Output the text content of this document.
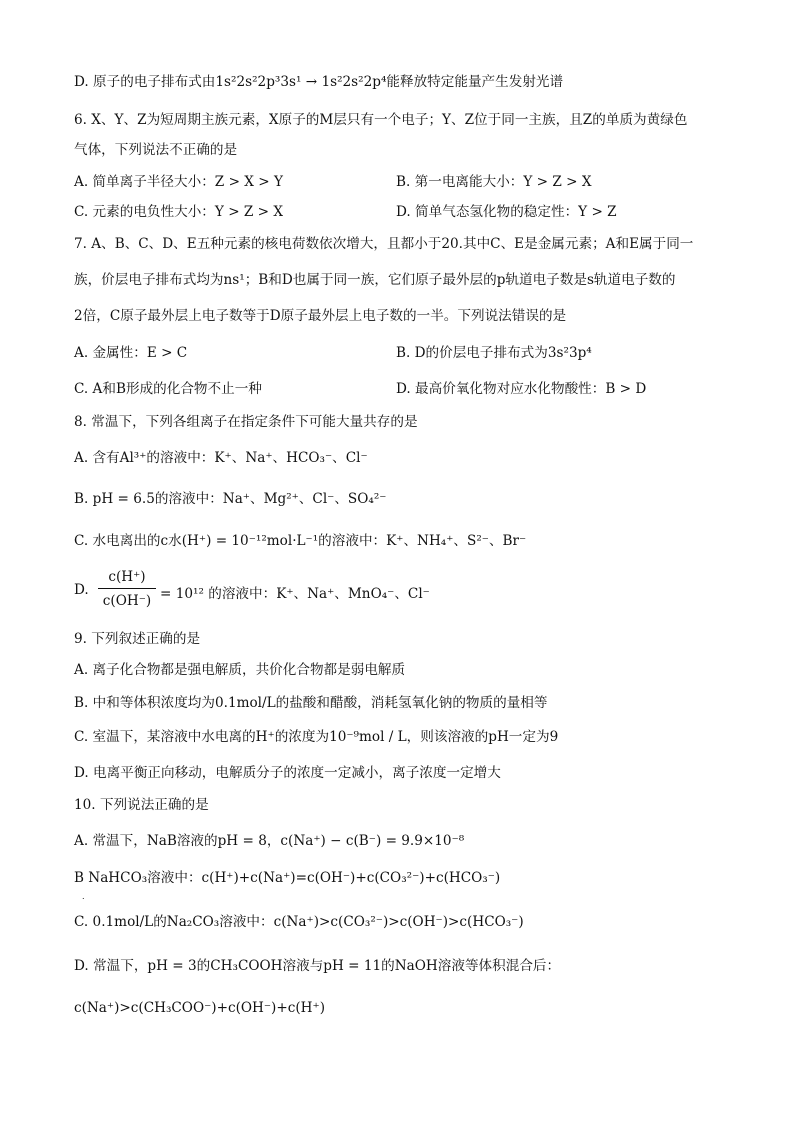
D. 原子的电子排布式由1s²2s²2p³3s¹ → 1s²2s²2p⁴能释放特定能量产生发射光谱
6. X、Y、Z为短周期主族元素，X原子的M层只有一个电子；Y、Z位于同一主族，且Z的单质为黄绿色
气体，下列说法不正确的是
A. 简单离子半径大小：Z > X > Y	B. 第一电离能大小：Y > Z > X
C. 元素的电负性大小：Y > Z > X	D. 简单气态氢化物的稳定性：Y > Z
7. A、B、C、D、E五种元素的核电荷数依次增大，且都小于20.其中C、E是金属元素；A和E属于同一
族，价层电子排布式均为ns¹；B和D也属于同一族，它们原子最外层的p轨道电子数是s轨道电子数的
2倍，C原子最外层上电子数等于D原子最外层上电子数的一半。下列说法错误的是
A. 金属性：E > C	B. D的价层电子排布式为3s²3p⁴
C. A和B形成的化合物不止一种	D. 最高价氧化物对应水化物酸性：B > D
8. 常温下，下列各组离子在指定条件下可能大量共存的是
A. 含有Al³⁺的溶液中：K⁺、Na⁺、HCO₃⁻、Cl⁻
B. pH = 6.5的溶液中：Na⁺、Mg²⁺、Cl⁻、SO₄²⁻
C. 水电离出的c水(H⁺) = 10⁻¹²mol·L⁻¹的溶液中：K⁺、NH₄⁺、S²⁻、Br⁻
D. $\frac{c(H^+)}{c(OH^-)} = 10^{12}$ 的溶液中：K⁺、Na⁺、MnO₄⁻、Cl⁻
9. 下列叙述正确的是
A. 离子化合物都是强电解质，共价化合物都是弱电解质
B. 中和等体积浓度均为0.1mol/L的盐酸和醋酸，消耗氢氧化钠的物质的量相等
C. 室温下，某溶液中水电离的H⁺的浓度为10⁻⁹mol / L，则该溶液的pH一定为9
D. 电离平衡正向移动，电解质分子的浓度一定减小，离子浓度一定增大
10. 下列说法正确的是
A. 常温下，NaB溶液的pH = 8，c(Na⁺) − c(B⁻) = 9.9×10⁻⁸
B NaHCO₃溶液中：c(H⁺)+c(Na⁺)=c(OH⁻)+c(CO₃²⁻)+c(HCO₃⁻)
.
C. 0.1mol/L的Na₂CO₃溶液中：c(Na⁺)>c(CO₃²⁻)>c(OH⁻)>c(HCO₃⁻)
D. 常温下，pH = 3的CH₃COOH溶液与pH = 11的NaOH溶液等体积混合后：
c(Na⁺)>c(CH₃COO⁻)+c(OH⁻)+c(H⁺)
